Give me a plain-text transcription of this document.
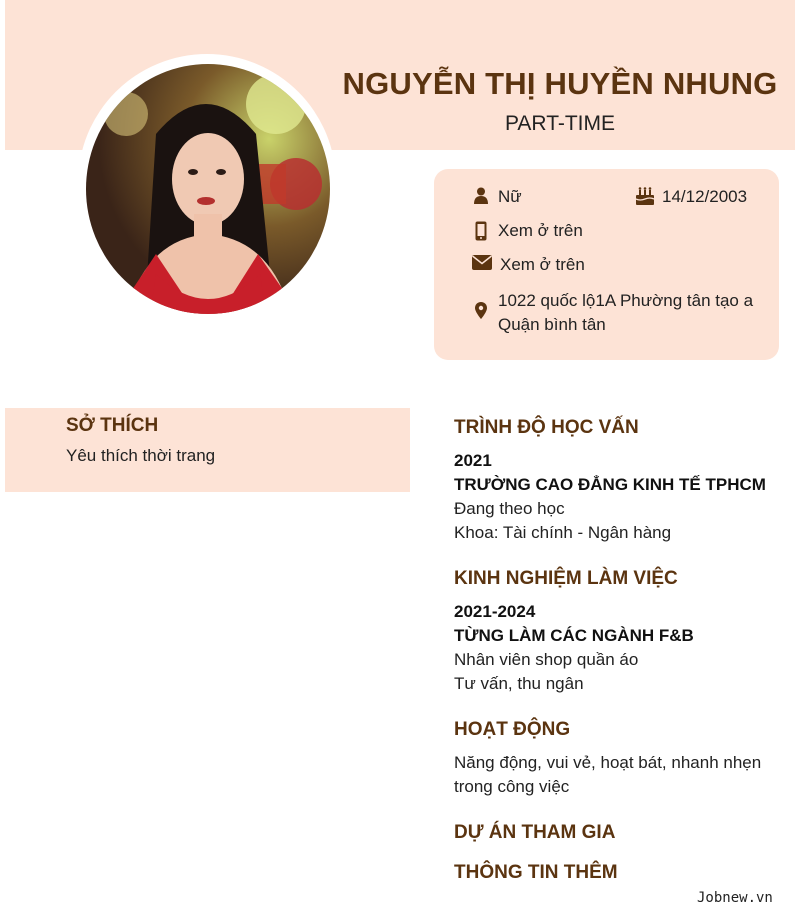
NGUYỄN THỊ HUYỀN NHUNG
PART-TIME
Nữ	14/12/2003
Xem ở trên
Xem ở trên
1022 quốc lộ1A Phường tân tạo a
Quận bình tân
SỞ THÍCH
Yêu thích thời trang
TRÌNH ĐỘ HỌC VẤN
2021
TRƯỜNG CAO ĐẲNG KINH TẾ TPHCM
Đang theo học
Khoa: Tài chính - Ngân hàng
KINH NGHIỆM LÀM VIỆC
2021-2024
TỪNG LÀM CÁC NGÀNH F&B
Nhân viên shop quần áo
Tư vấn, thu ngân
HOẠT ĐỘNG
Năng động, vui vẻ, hoạt bát, nhanh nhẹn
trong công việc
DỰ ÁN THAM GIA
THÔNG TIN THÊM
Jobnew.vn
